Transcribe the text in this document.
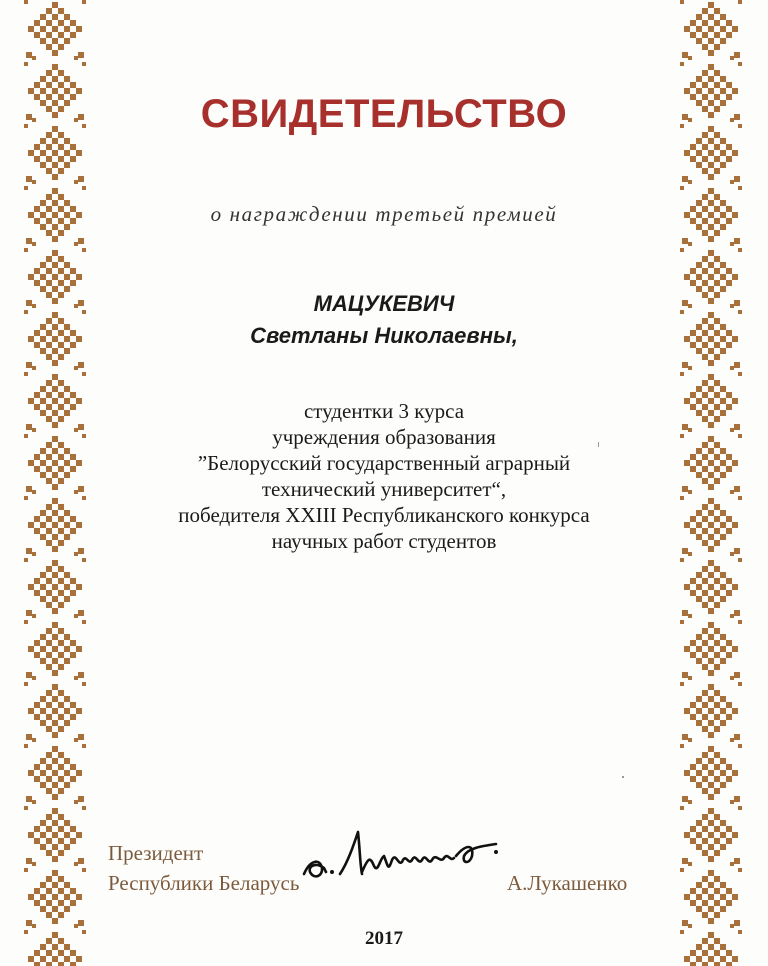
СВИДЕТЕЛЬСТВО
о награждении третьей премией
МАЦУКЕВИЧ
Светланы Николаевны,
студентки 3 курса
учреждения образования
”Белорусский государственный аграрный
технический университет“,
победителя XXIII Республиканского конкурса
научных работ студентов
Президент
Республики Беларусь	А.Лукашенко
2017
